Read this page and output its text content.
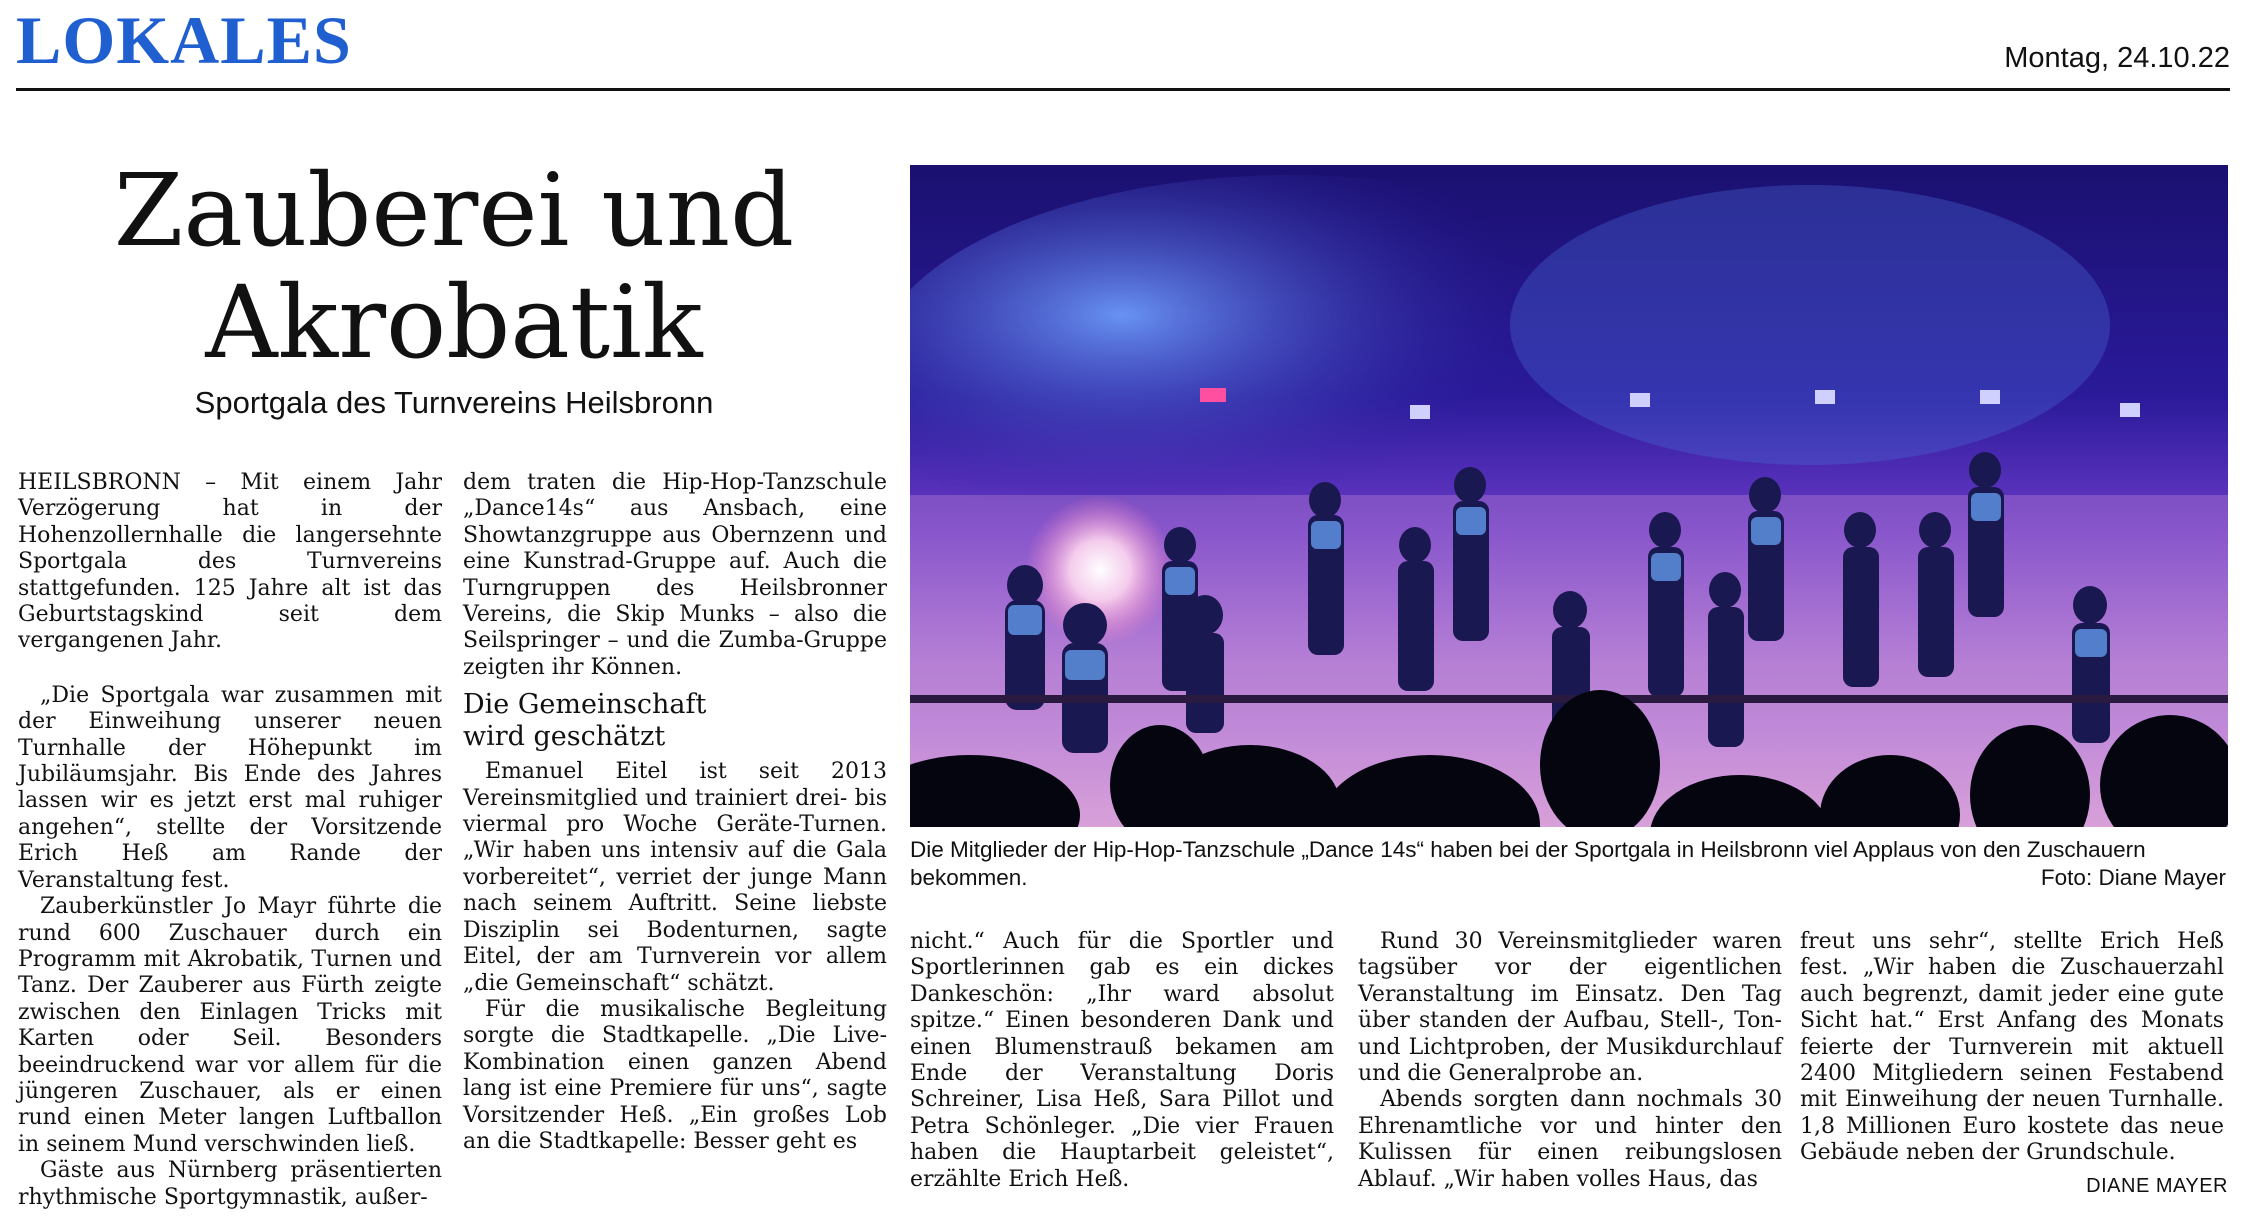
LOKALES	Montag, 24.10.22
Zauberei und
Akrobatik
Sportgala des Turnvereins Heilsbronn

HEILSBRONN – Mit einem Jahr Verzögerung hat in der Hohenzollernhalle die langersehnte Sportgala des Turnvereins stattgefunden. 125 Jahre alt ist das Geburtstagskind seit dem vergangenen Jahr.

„Die Sportgala war zusammen mit der Einweihung unserer neuen Turnhalle der Höhepunkt im Jubiläumsjahr. Bis Ende des Jahres lassen wir es jetzt erst mal ruhiger angehen“, stellte der Vorsitzende Erich Heß am Rande der Veranstaltung fest.

Zauberkünstler Jo Mayr führte die rund 600 Zuschauer durch ein Programm mit Akrobatik, Turnen und Tanz. Der Zauberer aus Fürth zeigte zwischen den Einlagen Tricks mit Karten oder Seil. Besonders beeindruckend war vor allem für die jüngeren Zuschauer, als er einen rund einen Meter langen Luftballon in seinem Mund verschwinden ließ.

Gäste aus Nürnberg präsentierten rhythmische Sportgymnastik, außer-

dem traten die Hip-Hop-Tanzschule „Dance14s“ aus Ansbach, eine Showtanzgruppe aus Obernzenn und eine Kunstrad-Gruppe auf. Auch die Turngruppen des Heilsbronner Vereins, die Skip Munks – also die Seilspringer – und die Zumba-Gruppe zeigten ihr Können.

Die Gemeinschaft
wird geschätzt

Emanuel Eitel ist seit 2013 Vereinsmitglied und trainiert drei- bis viermal pro Woche Geräte-Turnen. „Wir haben uns intensiv auf die Gala vorbereitet“, verriet der junge Mann nach seinem Auftritt. Seine liebste Disziplin sei Bodenturnen, sagte Eitel, der am Turnverein vor allem „die Gemeinschaft“ schätzt.

Für die musikalische Begleitung sorgte die Stadtkapelle. „Die Live-Kombination einen ganzen Abend lang ist eine Premiere für uns“, sagte Vorsitzender Heß. „Ein großes Lob an die Stadtkapelle: Besser geht es

Die Mitglieder der Hip-Hop-Tanzschule „Dance 14s“ haben bei der Sportgala in Heilsbronn viel Applaus von den Zuschauern bekommen.	Foto: Diane Mayer

nicht.“ Auch für die Sportler und Sportlerinnen gab es ein dickes Dankeschön: „Ihr ward absolut spitze.“ Einen besonderen Dank und einen Blumenstrauß bekamen am Ende der Veranstaltung Doris Schreiner, Lisa Heß, Sara Pillot und Petra Schönleger. „Die vier Frauen haben die Hauptarbeit geleistet“, erzählte Erich Heß.

Rund 30 Vereinsmitglieder waren tagsüber vor der eigentlichen Veranstaltung im Einsatz. Den Tag über standen der Aufbau, Stell-, Ton- und Lichtproben, der Musikdurchlauf und die Generalprobe an.

Abends sorgten dann nochmals 30 Ehrenamtliche vor und hinter den Kulissen für einen reibungslosen Ablauf. „Wir haben volles Haus, das

freut uns sehr“, stellte Erich Heß fest. „Wir haben die Zuschauerzahl auch begrenzt, damit jeder eine gute Sicht hat.“ Erst Anfang des Monats feierte der Turnverein mit aktuell 2400 Mitgliedern seinen Festabend mit Einweihung der neuen Turnhalle. 1,8 Millionen Euro kostete das neue Gebäude neben der Grundschule.

DIANE MAYER
